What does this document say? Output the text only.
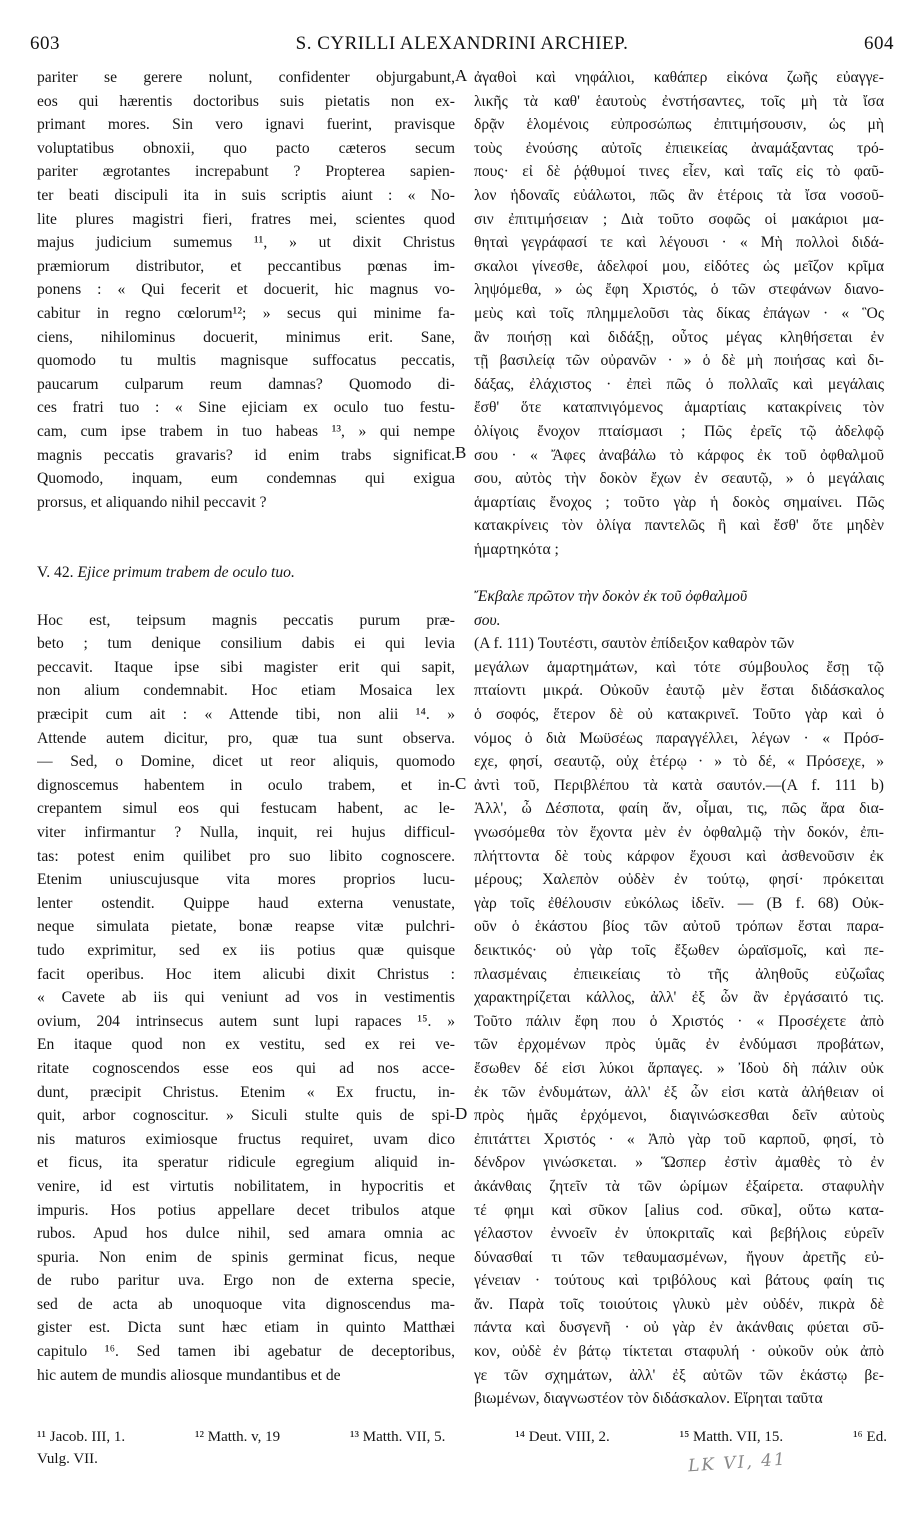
603	S. CYRILLI ALEXANDRINI ARCHIEP.	604
pariter se gerere nolunt, confidenter objurgabunt,
eos qui hærentis doctoribus suis pietatis non ex-
primant mores. Sin vero ignavi fuerint, pravisque
voluptatibus obnoxii, quo pacto cæteros secum
pariter ægrotantes increpabunt ? Propterea sapien-
ter beati discipuli ita in suis scriptis aiunt : « No-
lite plures magistri fieri, fratres mei, scientes quod
majus judicium sumemus ¹¹, » ut dixit Christus
præmiorum distributor, et peccantibus pœnas im-
ponens : « Qui fecerit et docuerit, hic magnus vo-
cabitur in regno cœlorum¹²; » secus qui minime fa-
ciens, nihilominus docuerit, minimus erit. Sane,
quomodo tu multis magnisque suffocatus peccatis,
paucarum culparum reum damnas? Quomodo di-
ces fratri tuo : « Sine ejiciam ex oculo tuo festu-
cam, cum ipse trabem in tuo habeas ¹³, » qui nempe
magnis peccatis gravaris? id enim trabs significat.
Quomodo, inquam, eum condemnas qui exigua
prorsus, et aliquando nihil peccavit ?
V. 42. Ejice primum trabem de oculo tuo.
Hoc est, teipsum magnis peccatis purum præ-
beto ; tum denique consilium dabis ei qui levia
peccavit. Itaque ipse sibi magister erit qui sapit,
non alium condemnabit. Hoc etiam Mosaica lex
præcipit cum ait : « Attende tibi, non alii ¹⁴. »
Attende autem dicitur, pro, quæ tua sunt observa.
— Sed, o Domine, dicet ut reor aliquis, quomodo
dignoscemus habentem in oculo trabem, et in-
crepantem simul eos qui festucam habent, ac le-
viter infirmantur ? Nulla, inquit, rei hujus difficul-
tas: potest enim quilibet pro suo libito cognoscere.
Etenim uniuscujusque vita mores proprios lucu-
lenter ostendit. Quippe haud externa venustate,
neque simulata pietate, bonæ reapse vitæ pulchri-
tudo exprimitur, sed ex iis potius quæ quisque
facit operibus. Hoc item alicubi dixit Christus :
« Cavete ab iis qui veniunt ad vos in vestimentis
ovium, 204 intrinsecus autem sunt lupi rapaces ¹⁵. »
En itaque quod non ex vestitu, sed ex rei ve-
ritate cognoscendos esse eos qui ad nos acce-
dunt, præcipit Christus. Etenim « Ex fructu, in-
quit, arbor cognoscitur. » Siculi stulte quis de spi-
nis maturos eximiosque fructus requiret, uvam dico
et ficus, ita speratur ridicule egregium aliquid in-
venire, id est virtutis nobilitatem, in hypocritis et
impuris. Hos potius appellare decet tribulos atque
rubos. Apud hos dulce nihil, sed amara omnia ac
spuria. Non enim de spinis germinat ficus, neque
de rubo paritur uva. Ergo non de externa specie,
sed de acta ab unoquoque vita dignoscendus ma-
gister est. Dicta sunt hæc etiam in quinto Matthæi
capitulo ¹⁶. Sed tamen ibi agebatur de deceptoribus,
hic autem de mundis aliosque mundantibus et de
ἀγαθοὶ καὶ νηφάλιοι, καθάπερ εἰκόνα ζωῆς εὐαγγε-
λικῆς τὰ καθ' ἑαυτοὺς ἐνστήσαντες, τοῖς μὴ τὰ ἴσα
δρᾷν ἑλομένοις εὐπροσώπως ἐπιτιμήσουσιν, ὡς μὴ
τοὺς ἐνούσης αὐτοῖς ἐπιεικείας ἀναμάξαντας τρό-
πους· εἰ δὲ ῥᾴθυμοί τινες εἶεν, καὶ ταῖς εἰς τὸ φαῦ-
λον ἡδοναῖς εὐάλωτοι, πῶς ἂν ἑτέροις τὰ ἴσα νοσοῦ-
σιν ἐπιτιμήσειαν ; Διὰ τοῦτο σοφῶς οἱ μακάριοι μα-
θηταὶ γεγράφασί τε καὶ λέγουσι · « Μὴ πολλοὶ διδά-
σκαλοι γίνεσθε, ἀδελφοί μου, εἰδότες ὡς μεῖζον κρῖμα
ληψόμεθα, » ὡς ἔφη Χριστός, ὁ τῶν στεφάνων διανο-
μεὺς καὶ τοῖς πλημμελοῦσι τὰς δίκας ἐπάγων · « Ὃς
ἂν ποιήσῃ καὶ διδάξῃ, οὗτος μέγας κληθήσεται ἐν
τῇ βασιλείᾳ τῶν οὐρανῶν · » ὁ δὲ μὴ ποιήσας καὶ δι-
δάξας, ἐλάχιστος · ἐπεὶ πῶς ὁ πολλαῖς καὶ μεγάλαις
ἔσθ' ὅτε καταπνιγόμενος ἁμαρτίαις κατακρίνεις τὸν
ὀλίγοις ἔνοχον πταίσμασι ; Πῶς ἐρεῖς τῷ ἀδελφῷ
σου · « Ἄφες ἀναβάλω τὸ κάρφος ἐκ τοῦ ὀφθαλμοῦ
σου, αὐτὸς τὴν δοκὸν ἔχων ἐν σεαυτῷ, » ὁ μεγάλαις
ἁμαρτίαις ἔνοχος ; τοῦτο γὰρ ἡ δοκὸς σημαίνει. Πῶς
κατακρίνεις τὸν ὀλίγα παντελῶς ἢ καὶ ἔσθ' ὅτε μηδὲν
ἡμαρτηκότα ;
Ἔκβαλε πρῶτον τὴν δοκὸν ἐκ τοῦ ὀφθαλμοῦ
σου.
(A f. 111) Τουτέστι, σαυτὸν ἐπίδειξον καθαρὸν τῶν
μεγάλων ἁμαρτημάτων, καὶ τότε σύμβουλος ἔσῃ τῷ
πταίοντι μικρά. Οὐκοῦν ἑαυτῷ μὲν ἔσται διδάσκαλος
ὁ σοφός, ἕτερον δὲ οὐ κατακρινεῖ. Τοῦτο γὰρ καὶ ὁ
νόμος ὁ διὰ Μωϋσέως παραγγέλλει, λέγων · « Πρόσ-
εχε, φησί, σεαυτῷ, οὐχ ἑτέρῳ · » τὸ δέ, « Πρόσεχε, »
ἀντὶ τοῦ, Περιβλέπου τὰ κατὰ σαυτόν.—(A f. 111 b)
Ἀλλ', ὦ Δέσποτα, φαίη ἄν, οἶμαι, τις, πῶς ἄρα δια-
γνωσόμεθα τὸν ἔχοντα μὲν ἐν ὀφθαλμῷ τὴν δοκόν, ἐπι-
πλήττοντα δὲ τοὺς κάρφον ἔχουσι καὶ ἀσθενοῦσιν ἐκ
μέρους; Χαλεπὸν οὐδὲν ἐν τούτῳ, φησί· πρόκειται
γὰρ τοῖς ἐθέλουσιν εὐκόλως ἰδεῖν. — (B f. 68) Οὐκ-
οῦν ὁ ἑκάστου βίος τῶν αὐτοῦ τρόπων ἔσται παρα-
δεικτικός· οὐ γὰρ τοῖς ἔξωθεν ὡραϊσμοῖς, καὶ πε-
πλασμέναις ἐπιεικείαις τὸ τῆς ἀληθοῦς εὐζωΐας
χαρακτηρίζεται κάλλος, ἀλλ' ἐξ ὧν ἂν ἐργάσαιτό τις.
Τοῦτο πάλιν ἔφη που ὁ Χριστός · « Προσέχετε ἀπὸ
τῶν ἐρχομένων πρὸς ὑμᾶς ἐν ἐνδύμασι προβάτων,
ἔσωθεν δέ εἰσι λύκοι ἅρπαγες. » Ἰδοὺ δὴ πάλιν οὐκ
ἐκ τῶν ἐνδυμάτων, ἀλλ' ἐξ ὧν εἰσι κατὰ ἀλήθειαν οἱ
πρὸς ἡμᾶς ἐρχόμενοι, διαγινώσκεσθαι δεῖν αὐτοὺς
ἐπιτάττει Χριστός · « Ἀπὸ γὰρ τοῦ καρποῦ, φησί, τὸ
δένδρον γινώσκεται. » Ὥσπερ ἐστὶν ἀμαθὲς τὸ ἐν
ἀκάνθαις ζητεῖν τὰ τῶν ὡρίμων ἐξαίρετα. σταφυλὴν
τέ φημι καὶ σῦκον [alius cod. σῦκα], οὕτω κατα-
γέλαστον ἐννοεῖν ἐν ὑποκριταῖς καὶ βεβήλοις εὑρεῖν
δύνασθαί τι τῶν τεθαυμασμένων, ἤγουν ἀρετῆς εὐ-
γένειαν · τούτους καὶ τριβόλους καὶ βάτους φαίη τις
ἄν. Παρὰ τοῖς τοιούτοις γλυκὺ μὲν οὐδέν, πικρὰ δὲ
πάντα καὶ δυσγενῆ · οὐ γὰρ ἐν ἀκάνθαις φύεται σῦ-
κον, οὐδὲ ἐν βάτῳ τίκτεται σταφυλή · οὐκοῦν οὐκ ἀπὸ
γε τῶν σχημάτων, ἀλλ' ἐξ αὐτῶν τῶν ἑκάστῳ βε-
βιωμένων, διαγνωστέον τὸν διδάσκαλον. Εἴρηται ταῦτα
A
B
C
D
¹¹ Jacob. III, 1.	¹² Matth. v, 19	¹³ Matth. VII, 5.	¹⁴ Deut. VIII, 2.	¹⁵ Matth. VII, 15.	¹⁶ Ed.
Vulg. VII.	LK VI, 41
